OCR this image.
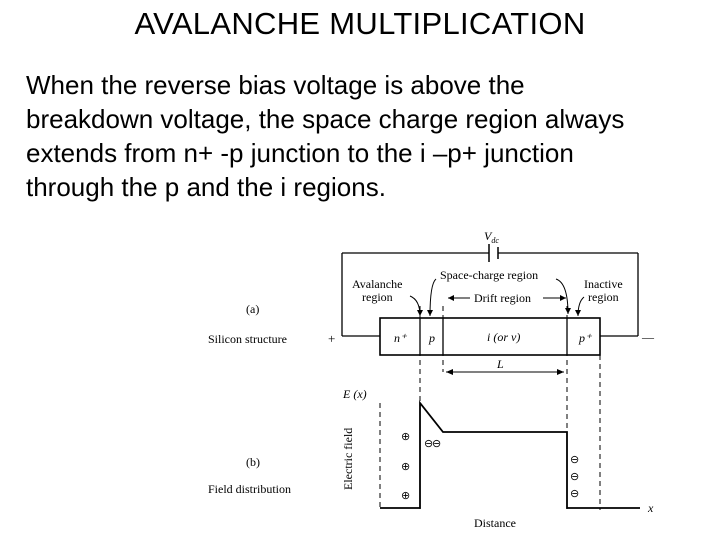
AVALANCHE MULTIPLICATION
When the reverse bias voltage is above the
breakdown voltage, the space charge region always
extends from n+ -p junction to the i –p+ junction
through the p and the i regions.
$V_{dc}$
Space-charge region
Avalanche
region	Drift region
Inactive
region
(a)
Silicon structure	+	—
n⁺ p	i (or ν)	p⁺
L
E (x)
Electric field	⊕
⊕
⊕
⊖
⊖
⊖
⊖
⊖
(b)
Field distribution
x
Distance
